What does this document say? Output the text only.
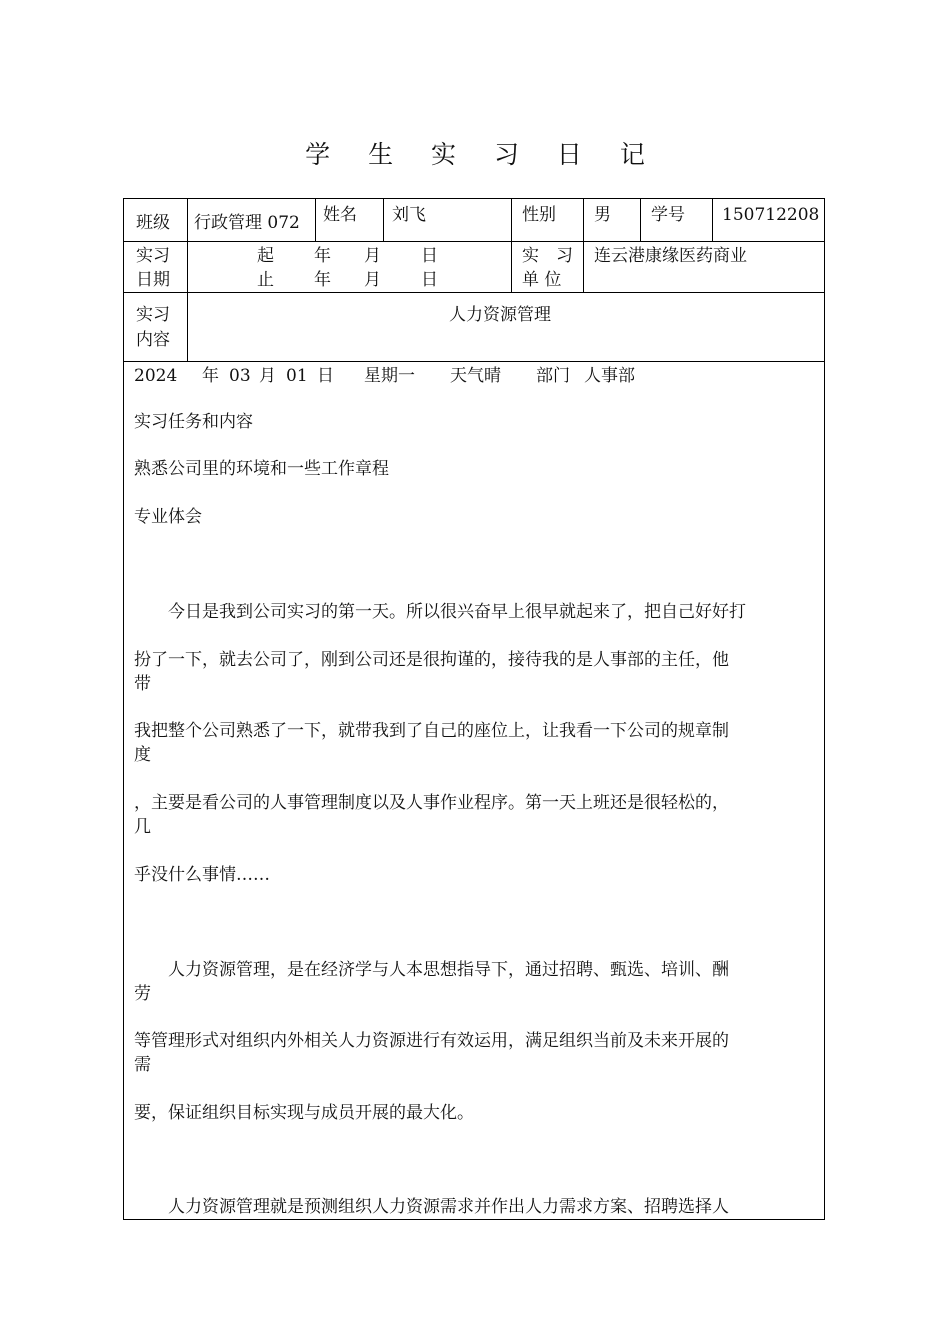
学 生 实 习 日 记
班级 行政管理 072 姓名 刘飞	性别 男 学号 150712208
实习
日期
起 年 月 日
止 年 月 日
实　习
单 位
连云港康缘医药商业
实习
内容
人力资源管理
2024 年 03 月 01 日 星期一 天气晴 部门 人事部
实习任务和内容
熟悉公司里的环境和一些工作章程
专业体会
　　今日是我到公司实习的第一天。所以很兴奋早上很早就起来了，把自己好好打
扮了一下，就去公司了，刚到公司还是很拘谨的，接待我的是人事部的主任，他
带
我把整个公司熟悉了一下，就带我到了自己的座位上，让我看一下公司的规章制
度
，主要是看公司的人事管理制度以及人事作业程序。第一天上班还是很轻松的，
几
乎没什么事情……
　　人力资源管理，是在经济学与人本思想指导下，通过招聘、甄选、培训、酬
劳
等管理形式对组织内外相关人力资源进行有效运用，满足组织当前及未来开展的
需
要，保证组织目标实现与成员开展的最大化。
　　人力资源管理就是预测组织人力资源需求并作出人力需求方案、招聘选择人
